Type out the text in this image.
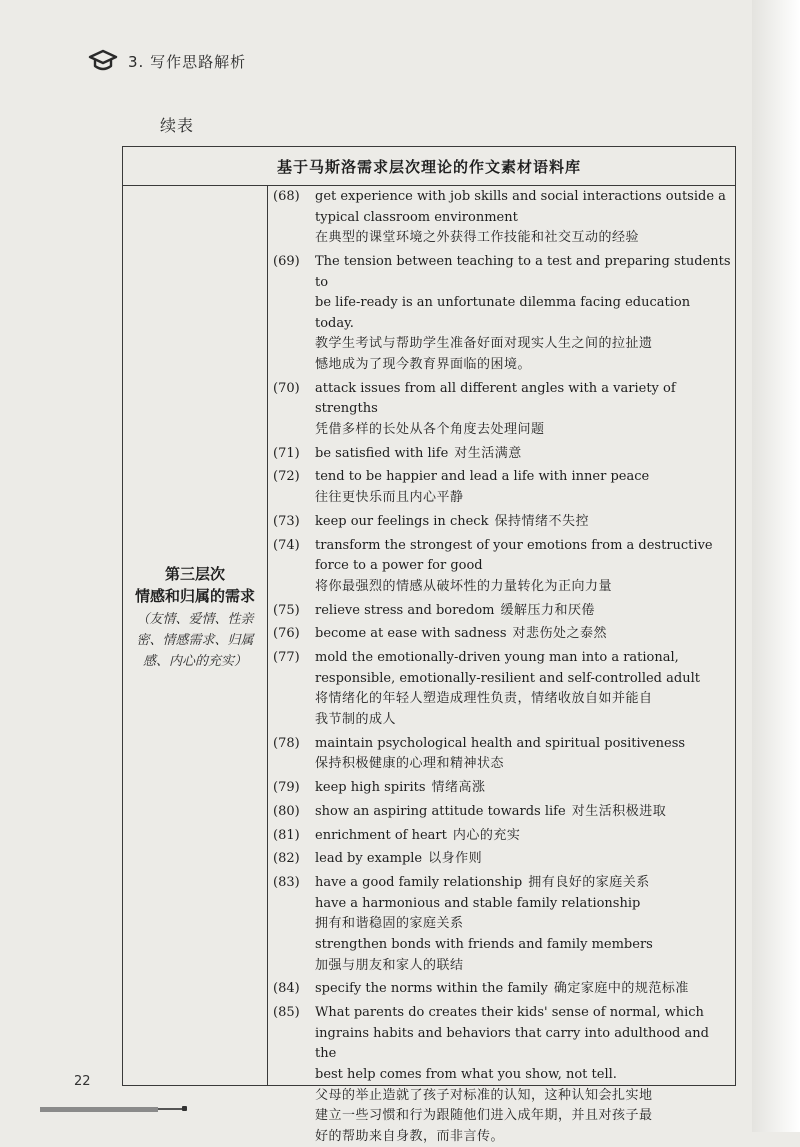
3. 写作思路解析
续表
基于马斯洛需求层次理论的作文素材语料库
第三层次
情感和归属的需求
（友情、爱情、性亲密、情感需求、归属感、内心的充实）
(68)	get experience with job skills and social interactions outside a
typical classroom environment
在典型的课堂环境之外获得工作技能和社交互动的经验
(69)	The tension between teaching to a test and preparing students to
be life-ready is an unfortunate dilemma facing education today.
教学生考试与帮助学生准备好面对现实人生之间的拉扯遗
憾地成为了现今教育界面临的困境。
(70)	attack issues from all different angles with a variety of strengths
凭借多样的长处从各个角度去处理问题
(71)	be satisfied with life 对生活满意
(72)	tend to be happier and lead a life with inner peace
往往更快乐而且内心平静
(73)	keep our feelings in check 保持情绪不失控
(74)	transform the strongest of your emotions from a destructive
force to a power for good
将你最强烈的情感从破坏性的力量转化为正向力量
(75)	relieve stress and boredom 缓解压力和厌倦
(76)	become at ease with sadness 对悲伤处之泰然
(77)	mold the emotionally-driven young man into a rational,
responsible, emotionally-resilient and self-controlled adult
将情绪化的年轻人塑造成理性负责，情绪收放自如并能自
我节制的成人
(78)	maintain psychological health and spiritual positiveness
保持积极健康的心理和精神状态
(79)	keep high spirits 情绪高涨
(80)	show an aspiring attitude towards life 对生活积极进取
(81)	enrichment of heart 内心的充实
(82)	lead by example 以身作则
(83)	have a good family relationship 拥有良好的家庭关系
have a harmonious and stable family relationship
拥有和谐稳固的家庭关系
strengthen bonds with friends and family members
加强与朋友和家人的联结
(84)	specify the norms within the family 确定家庭中的规范标准
(85)	What parents do creates their kids' sense of normal, which
ingrains habits and behaviors that carry into adulthood and the
best help comes from what you show, not tell.
父母的举止造就了孩子对标准的认知，这种认知会扎实地
建立一些习惯和行为跟随他们进入成年期，并且对孩子最
好的帮助来自身教，而非言传。
22
